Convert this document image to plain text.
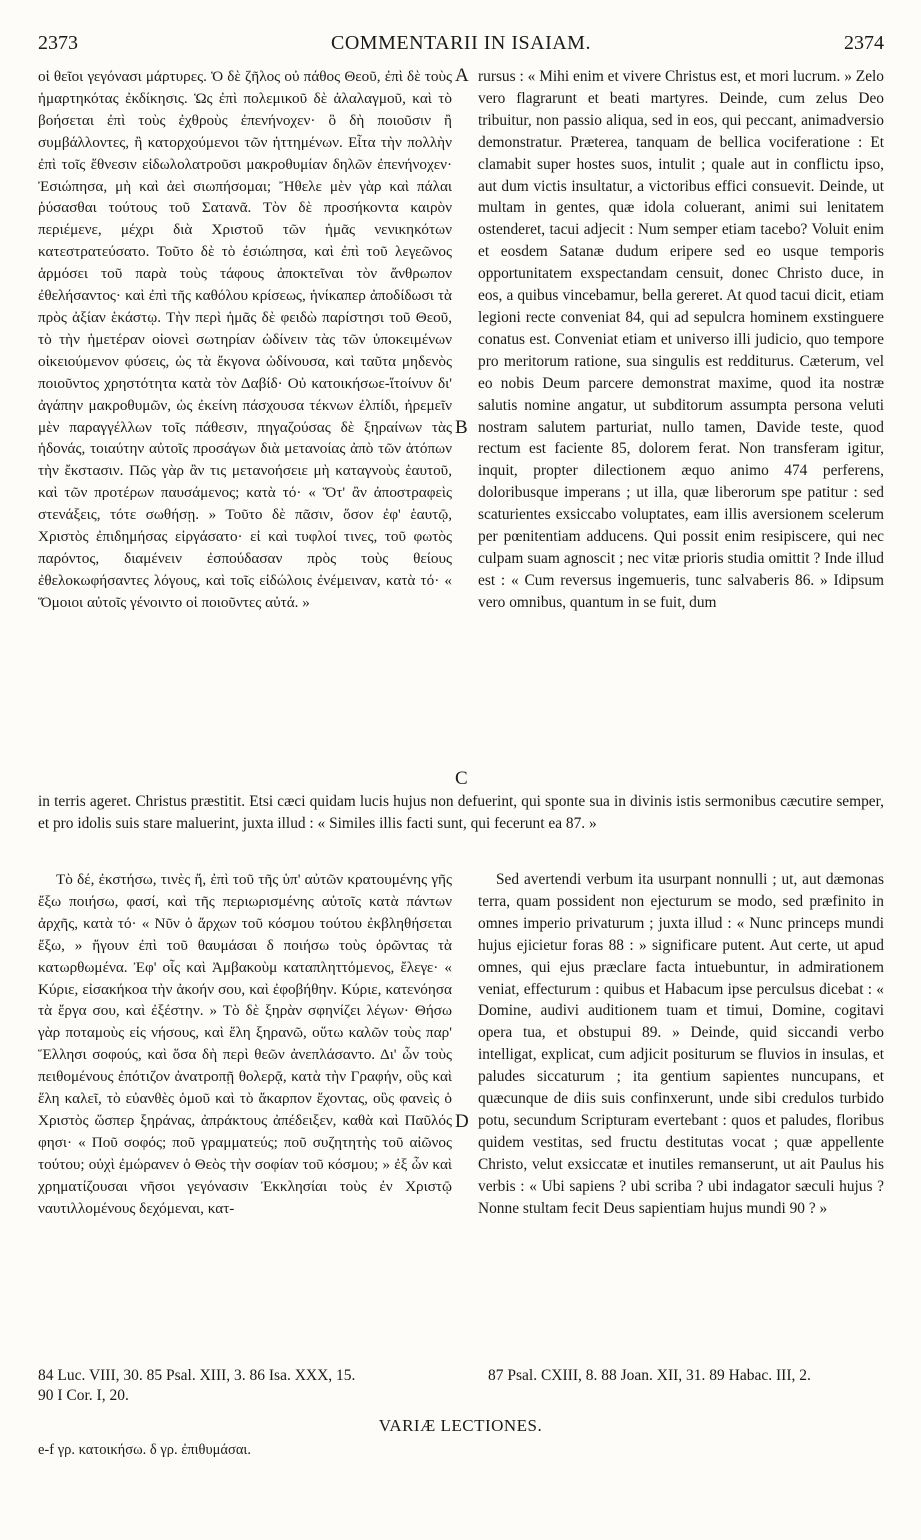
2373	COMMENTARII IN ISAIAM.	2374

οἱ θεῖοι γεγόνασι μάρτυρες. Ὁ δὲ ζῆλος οὐ πάθος Θεοῦ, ἐπὶ δὲ τοὺς ἡμαρτηκότας ἐκδίκησις. Ὡς ἐπὶ πολεμικοῦ δὲ ἀλαλαγμοῦ, καὶ τὸ βοήσεται ἐπὶ τοὺς ἐχθροὺς ἐπενήνοχεν· ὃ δὴ ποιοῦσιν ἢ συμβάλλοντες, ἢ κατορχούμενοι τῶν ἡττημένων. Εἶτα τὴν πολλὴν ἐπὶ τοῖς ἔθνεσιν εἰδωλολατροῦσι μακροθυμίαν δηλῶν ἐπενήνοχεν· Ἐσιώπησα, μὴ καὶ ἀεὶ σιωπήσομαι; Ἤθελε μὲν γὰρ καὶ πάλαι ῥύσασθαι τούτους τοῦ Σατανᾶ. Τὸν δὲ προσήκοντα καιρὸν περιέμενε, μέχρι διὰ Χριστοῦ τῶν ἡμᾶς νενικηκότων κατεστρατεύσατο. Τοῦτο δὲ τὸ ἐσιώπησα, καὶ ἐπὶ τοῦ λεγεῶνος ἁρμόσει τοῦ παρὰ τοὺς τάφους ἀποκτεῖναι τὸν ἄνθρωπον ἐθελήσαντος· καὶ ἐπὶ τῆς καθόλου κρίσεως, ἡνίκαπερ ἀποδίδωσι τὰ πρὸς ἀξίαν ἑκάστῳ. Τὴν περὶ ἡμᾶς δὲ φειδὼ παρίστησι τοῦ Θεοῦ, τὸ τὴν ἡμετέραν οἱονεὶ σωτηρίαν ὠδίνειν τὰς τῶν ὑποκειμένων οἰκειούμενον φύσεις, ὡς τὰ ἔκγονα ὠδίνουσα, καὶ ταῦτα μηδενὸς ποιοῦντος χρηστότητα κατὰ τὸν Δαβίδ· Οὐ κατοικήσωε-ἴτοίνυν δι' ἀγάπην μακροθυμῶν, ὡς ἐκείνη πάσχουσα τέκνων ἐλπίδι, ἠρεμεῖν μὲν παραγγέλλων τοῖς πάθεσιν, πηγαζούσας δὲ ξηραίνων τὰς ἡδονάς, τοιαύτην αὐτοῖς προσάγων διὰ μετανοίας ἀπὸ τῶν ἀτόπων τὴν ἔκστασιν. Πῶς γὰρ ἂν τις μετανοήσειε μὴ καταγνοὺς ἑαυτοῦ, καὶ τῶν προτέρων παυσάμενος; κατὰ τό· « Ὅτ' ἂν ἀποστραφεὶς στενάξεις, τότε σωθήσῃ. » Τοῦτο δὲ πᾶσιν, ὅσον ἐφ' ἑαυτῷ, Χριστὸς ἐπιδημήσας εἰργάσατο· εἰ καὶ τυφλοί τινες, τοῦ φωτὸς παρόντος, διαμένειν ἐσπούδασαν πρὸς τοὺς θείους ἐθελοκωφήσαντες λόγους, καὶ τοῖς εἰδώλοις ἐνέμειναν, κατὰ τό· « Ὅμοιοι αὐτοῖς γένοιντο οἱ ποιοῦντες αὐτά. »

rursus : « Mihi enim et vivere Christus est, et mori lucrum. » Zelo vero flagrarunt et beati martyres. Deinde, cum zelus Deo tribuitur, non passio aliqua, sed in eos, qui peccant, animadversio demonstratur. Præterea, tanquam de bellica vociferatione : Et clamabit super hostes suos, intulit ; quale aut in conflictu ipso, aut dum victis insultatur, a victoribus effici consuevit. Deinde, ut multam in gentes, quæ idola coluerant, animi sui lenitatem ostenderet, tacui adjecit : Num semper etiam tacebo? Voluit enim et eosdem Satanæ dudum eripere sed eo usque temporis opportunitatem exspectandam censuit, donec Christo duce, in eos, a quibus vincebamur, bella gereret. At quod tacui dicit, etiam legioni recte conveniat 84, qui ad sepulcra hominem exstinguere conatus est. Conveniat etiam et universo illi judicio, quo tempore pro meritorum ratione, sua singulis est redditurus. Cæterum, vel eo nobis Deum parcere demonstrat maxime, quod ita nostræ salutis nomine angatur, ut subditorum assumpta persona veluti nostram salutem parturiat, nullo tamen, Davide teste, quod rectum est faciente 85, dolorem ferat. Non transferam igitur, inquit, propter dilectionem æquo animo 474 perferens, doloribusque imperans ; ut illa, quæ liberorum spe patitur : sed scaturientes exsiccabo voluptates, eam illis aversionem scelerum per pœnitentiam adducens. Qui possit enim resipiscere, qui nec culpam suam agnoscit ; nec vitæ prioris studia omittit ? Inde illud est : « Cum reversus ingemueris, tunc salvaberis 86. » Idipsum vero omnibus, quantum in se fuit, dum

A
B
C

in terris ageret. Christus præstitit. Etsi cæci quidam lucis hujus non defuerint, qui sponte sua in divinis istis sermonibus cæcutire semper, et pro idolis suis stare maluerint, juxta illud : « Similes illis facti sunt, qui fecerunt ea 87. »

Τὸ δέ, ἐκστήσω, τινὲς ἤ, ἐπὶ τοῦ τῆς ὑπ' αὐτῶν κρατουμένης γῆς ἔξω ποιήσω, φασί, καὶ τῆς περιωρισμένης αὐτοῖς κατὰ πάντων ἀρχῆς, κατὰ τό· « Νῦν ὁ ἄρχων τοῦ κόσμου τούτου ἐκβληθήσεται ἔξω, » ἤγουν ἐπὶ τοῦ θαυμάσαι δ ποιήσω τοὺς ὁρῶντας τὰ κατωρθωμένα. Ἐφ' οἷς καὶ Ἀμβακοὺμ καταπληττόμενος, ἔλεγε· « Κύριε, εἰσακήκοα τὴν ἀκοήν σου, καὶ ἐφοβήθην. Κύριε, κατενόησα τὰ ἔργα σου, καὶ ἐξέστην. » Τὸ δὲ ξηρὰν σφηνίζει λέγων· Θήσω γὰρ ποταμοὺς εἰς νήσους, καὶ ἕλη ξηρανῶ, οὕτω καλῶν τοὺς παρ' Ἕλλησι σοφούς, καὶ ὅσα δὴ περὶ θεῶν ἀνεπλάσαντο. Δι' ὧν τοὺς πειθομένους ἐπότιζον ἀνατροπῇ θολερᾷ, κατὰ τὴν Γραφήν, οὓς καὶ ἕλη καλεῖ, τὸ εὐανθὲς ὁμοῦ καὶ τὸ ἄκαρπον ἔχοντας, οὓς φανεὶς ὁ Χριστὸς ὥσπερ ξηράνας, ἀπράκτους ἀπέδειξεν, καθὰ καὶ Παῦλός φησι· « Ποῦ σοφός; ποῦ γραμματεύς; ποῦ συζητητὴς τοῦ αἰῶνος τούτου; οὐχὶ ἐμώρανεν ὁ Θεὸς τὴν σοφίαν τοῦ κόσμου; » ἐξ ὧν καὶ χρηματίζουσαι νῆσοι γεγόνασιν Ἐκκλησίαι τοὺς ἐν Χριστῷ ναυτιλλομένους δεχόμεναι, κατ-

Sed avertendi verbum ita usurpant nonnulli ; ut, aut dæmonas terra, quam possident non ejecturum se modo, sed præfinito in omnes imperio privaturum ; juxta illud : « Nunc princeps mundi hujus ejicietur foras 88 : » significare putent. Aut certe, ut apud omnes, qui ejus præclare facta intuebuntur, in admirationem veniat, effecturum : quibus et Habacum ipse perculsus dicebat : « Domine, audivi auditionem tuam et timui, Domine, cogitavi opera tua, et obstupui 89. » Deinde, quid siccandi verbo intelligat, explicat, cum adjicit positurum se fluvios in insulas, et paludes siccaturum ; ita gentium sapientes nuncupans, et quæcunque de diis suis confinxerunt, unde sibi credulos turbido potu, secundum Scripturam evertebant : quos et paludes, floribus quidem vestitas, sed fructu destitutas vocat ; quæ appellente Christo, velut exsiccatæ et inutiles remanserunt, ut ait Paulus his verbis : « Ubi sapiens ? ubi scriba ? ubi indagator sæculi hujus ? Nonne stultam fecit Deus sapientiam hujus mundi 90 ? »

D
84 Luc. VIII, 30. 85 Psal. XIII, 3. 86 Isa. XXX, 15.
90 I Cor. I, 20.
87 Psal. CXIII, 8. 88 Joan. XII, 31. 89 Habac. III, 2.
VARIÆ LECTIONES.
e-f γρ. κατοικήσω. δ γρ. ἐπιθυμάσαι.
